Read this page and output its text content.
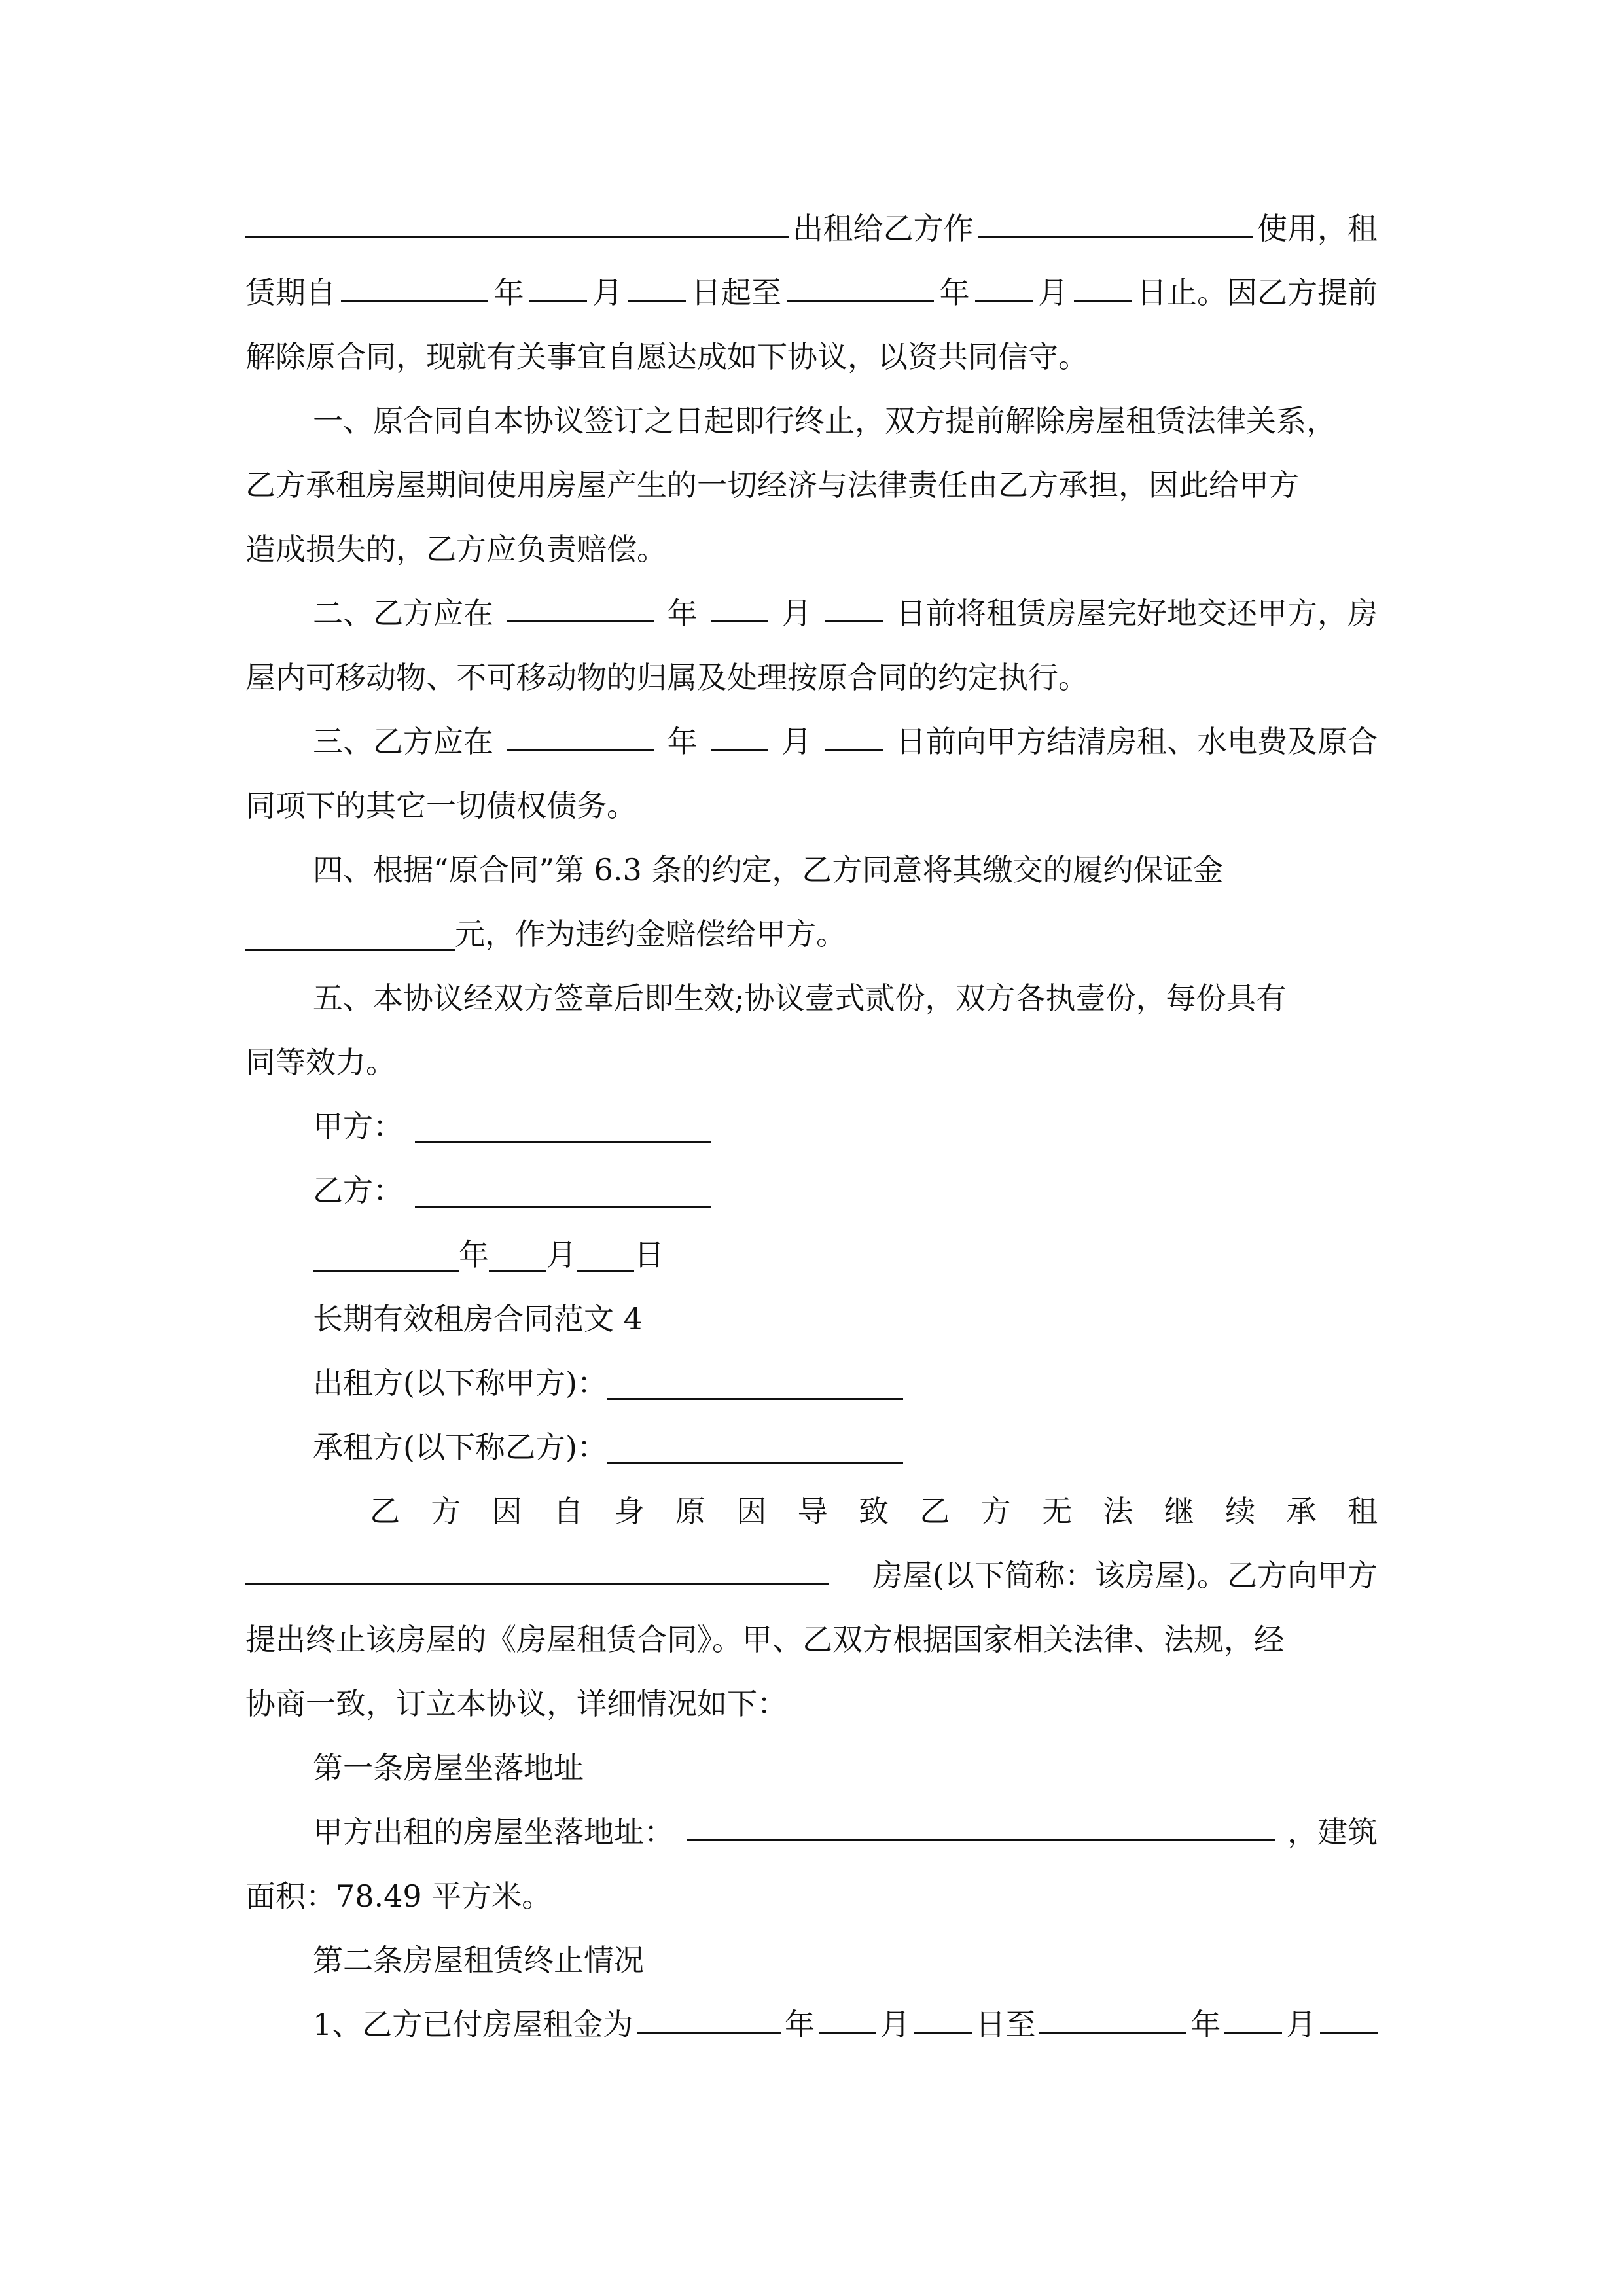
出租给乙方作	使用，租
赁期自	年 月 日起至	年 月 日止。因乙方提前
解除原合同，现就有关事宜自愿达成如下协议，以资共同信守。
一、原合同自本协议签订之日起即行终止，双方提前解除房屋租赁法律关系，
乙方承租房屋期间使用房屋产生的一切经济与法律责任由乙方承担，因此给甲方
造成损失的，乙方应负责赔偿。
二、乙方应在	年	月	日前将租赁房屋完好地交还甲方，房
屋内可移动物、不可移动物的归属及处理按原合同的约定执行。
三、乙方应在	年	月	日前向甲方结清房租、水电费及原合
同项下的其它一切债权债务。
四、根据“原合同”第 6.3 条的约定，乙方同意将其缴交的履约保证金
元，作为违约金赔偿给甲方。
五、本协议经双方签章后即生效;协议壹式贰份，双方各执壹份，每份具有
同等效力。
甲方：
乙方：
年 月 日
长期有效租房合同范文 4
出租方(以下称甲方)：
承租方(以下称乙方)：
乙 方 因 自 身 原 因 导 致 乙 方 无 法 继 续 承 租
房屋(以下简称：该房屋)。乙方向甲方
提出终止该房屋的《房屋租赁合同》。甲、乙双方根据国家相关法律、法规，经
协商一致，订立本协议，详细情况如下：
第一条房屋坐落地址
甲方出租的房屋坐落地址：	，建筑
面积：78.49 平方米。
第二条房屋租赁终止情况
1、乙方已付房屋租金为	年 月 日至	年 月
